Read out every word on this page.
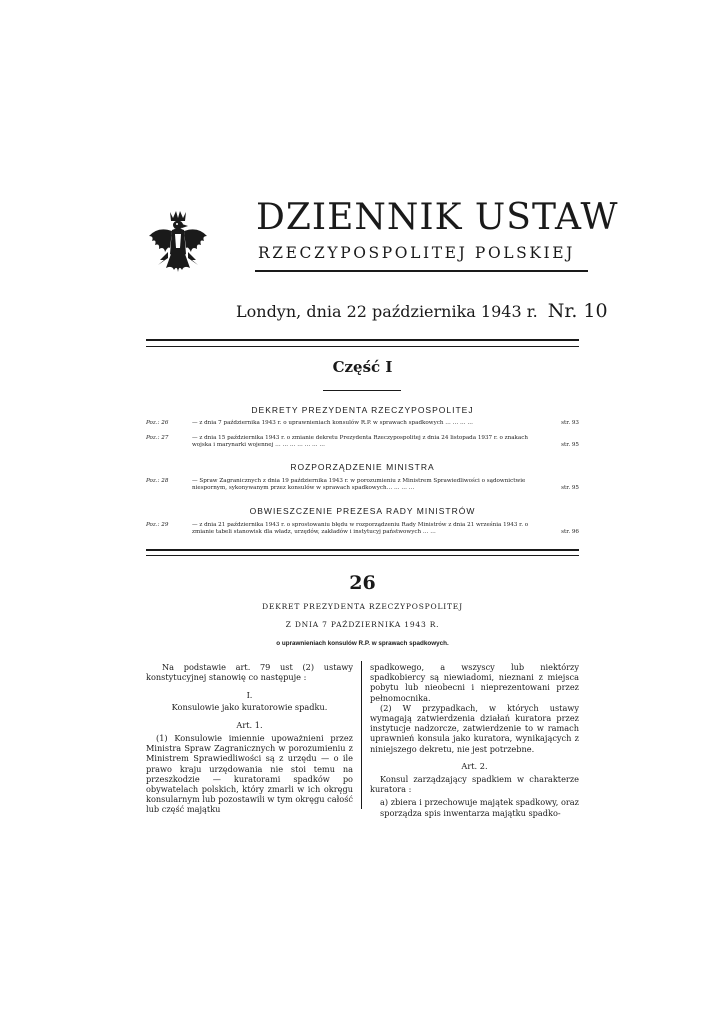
DZIENNIK USTAW
RZECZYPOSPOLITEJ POLSKIEJ
Londyn, dnia 22 października 1943 r. Nr. 10
Część I
DEKRETY PREZYDENTA RZECZYPOSPOLITEJ
Poz.: 26	— z dnia 7 października 1943 r. o uprawnieniach konsulów R.P. w sprawach spadkowych … … … …	str. 93
Poz.: 27	— z dnia 15 października 1943 r. o zmianie dekretu Prezydenta Rzeczypospolitej z dnia 24 listopada 1937 r. o znakach wojska i marynarki wojennej … … … … … … …	str. 95
ROZPORZĄDZENIE MINISTRA
Poz.: 28	— Spraw Zagranicznych z dnia 19 października 1943 r. w porozumieniu z Ministrem Sprawiedliwości o sądownictwie niespornym, sykonywanym przez konsulów w sprawach spadkowych… … … …	str. 95
OBWIESZCZENIE PREZESA RADY MINISTRÓW
Poz.: 29	— z dnia 21 października 1943 r. o sprostowaniu błędu w rozporządzeniu Rady Ministrów z dnia 21 września 1943 r. o zmianie tabeli stanowisk dla władz, urzędów, zakładów i instytucyj państwowych … …	str. 96
26
DEKRET PREZYDENTA RZECZYPOSPOLITEJ
Z DNIA 7 PAŹDZIERNIKA 1943 R.
o uprawnieniach konsulów R.P. w sprawach spadkowych.

Na podstawie art. 79 ust (2) ustawy konstytucyjnej stanowię co następuje :

I.

Konsulowie jako kuratorowie spadku.

Art. 1.

(1) Konsulowie imiennie upoważnieni przez Ministra Spraw Zagranicznych w porozumieniu z Ministrem Sprawiedliwości są z urzędu — o ile prawo kraju urzędowania nie stoi temu na przeszkodzie — kuratorami spadków po obywatelach polskich, który zmarli w ich okręgu konsularnym lub pozostawili w tym okręgu całość lub część majątku

spadkowego, a wszyscy lub niektórzy spadkobiercy są niewiadomi, nieznani z miejsca pobytu lub nieobecni i nieprezentowani przez pełnomocnika.

(2) W przypadkach, w których ustawy wymagają zatwierdzenia działań kuratora przez instytucje nadzorcze, zatwierdzenie to w ramach uprawnień konsula jako kuratora, wynikających z niniejszego dekretu, nie jest potrzebne.

Art. 2.

Konsul zarządzający spadkiem w charakterze kuratora :

a) zbiera i przechowuje majątek spadkowy, oraz sporządza spis inwentarza majątku spadko-
